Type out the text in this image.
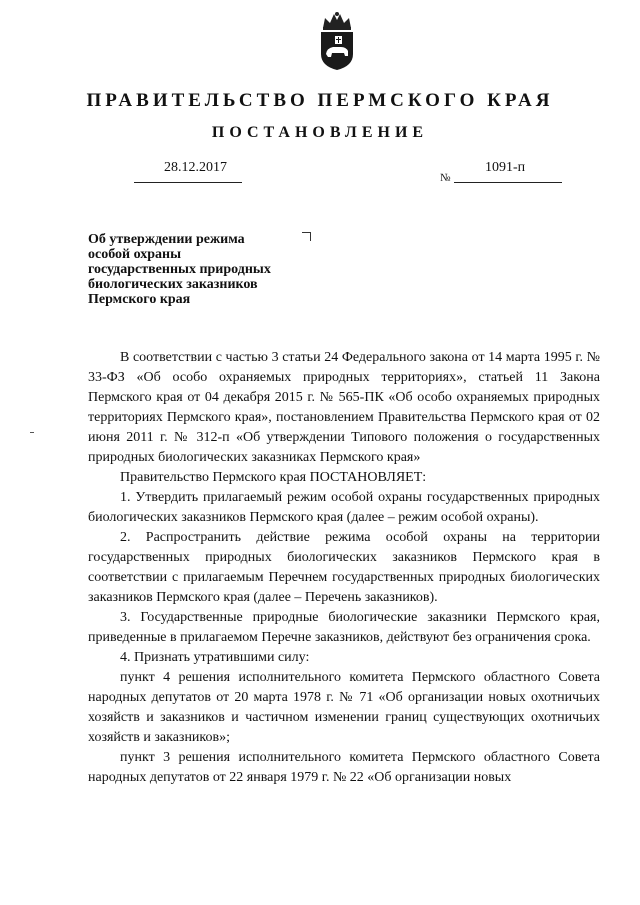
ПРАВИТЕЛЬСТВО ПЕРМСКОГО КРАЯ
ПОСТАНОВЛЕНИЕ
28.12.2017
№
1091-п
Об утверждении режима
особой охраны
государственных природных
биологических заказников
Пермского края

В соответствии с частью 3 статьи 24 Федерального закона от 14 марта 1995 г. № 33-ФЗ «Об особо охраняемых природных территориях», статьей 11 Закона Пермского края от 04 декабря 2015 г. № 565-ПК «Об особо охраняемых природных территориях Пермского края», постановлением Правительства Пермского края от 02 июня 2011 г. № 312-п «Об утверждении Типового положения о государственных природных биологических заказниках Пермского края»

Правительство Пермского края ПОСТАНОВЛЯЕТ:

1. Утвердить прилагаемый режим особой охраны государственных природных биологических заказников Пермского края (далее – режим особой охраны).

2. Распространить действие режима особой охраны на территории государственных природных биологических заказников Пермского края в соответствии с прилагаемым Перечнем государственных природных биологических заказников Пермского края (далее – Перечень заказников).

3. Государственные природные биологические заказники Пермского края, приведенные в прилагаемом Перечне заказников, действуют без ограничения срока.

4. Признать утратившими силу:

пункт 4 решения исполнительного комитета Пермского областного Совета народных депутатов от 20 марта 1978 г. № 71 «Об организации новых охотничьих хозяйств и заказников и частичном изменении границ существующих охотничьих хозяйств и заказников»;

пункт 3 решения исполнительного комитета Пермского областного Совета народных депутатов от 22 января 1979 г. № 22 «Об организации новых
